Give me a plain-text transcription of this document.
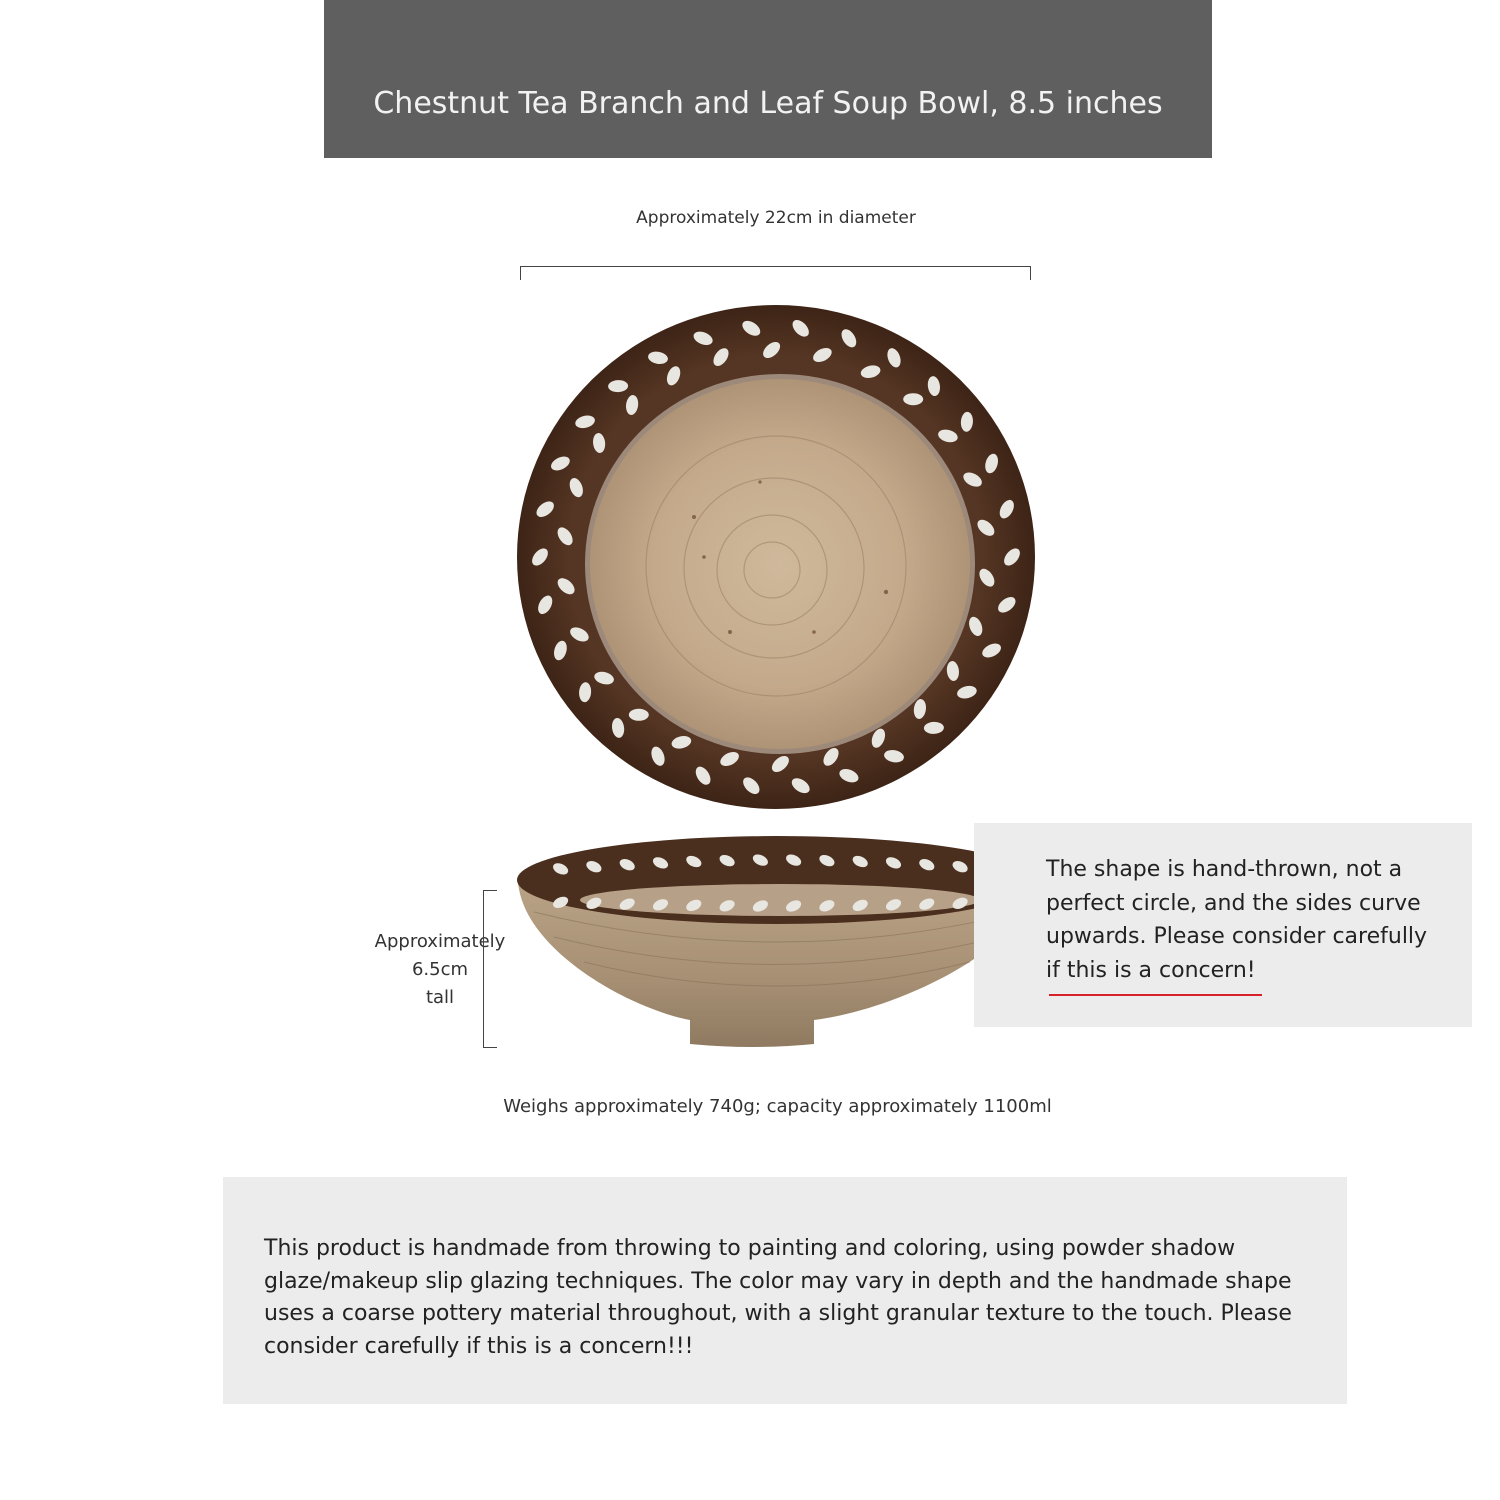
Chestnut Tea Branch and Leaf Soup Bowl, 8.5 inches
Approximately 22cm in diameter
Approximately
6.5cm
tall

The shape is hand-thrown, not a perfect circle, and the sides curve upwards. Please consider carefully if this is a concern!

Weighs approximately 740g; capacity approximately 1100ml

This product is handmade from throwing to painting and coloring, using powder shadow glaze/makeup slip glazing techniques. The color may vary in depth and the handmade shape uses a coarse pottery material throughout, with a slight granular texture to the touch. Please consider carefully if this is a concern!!!
